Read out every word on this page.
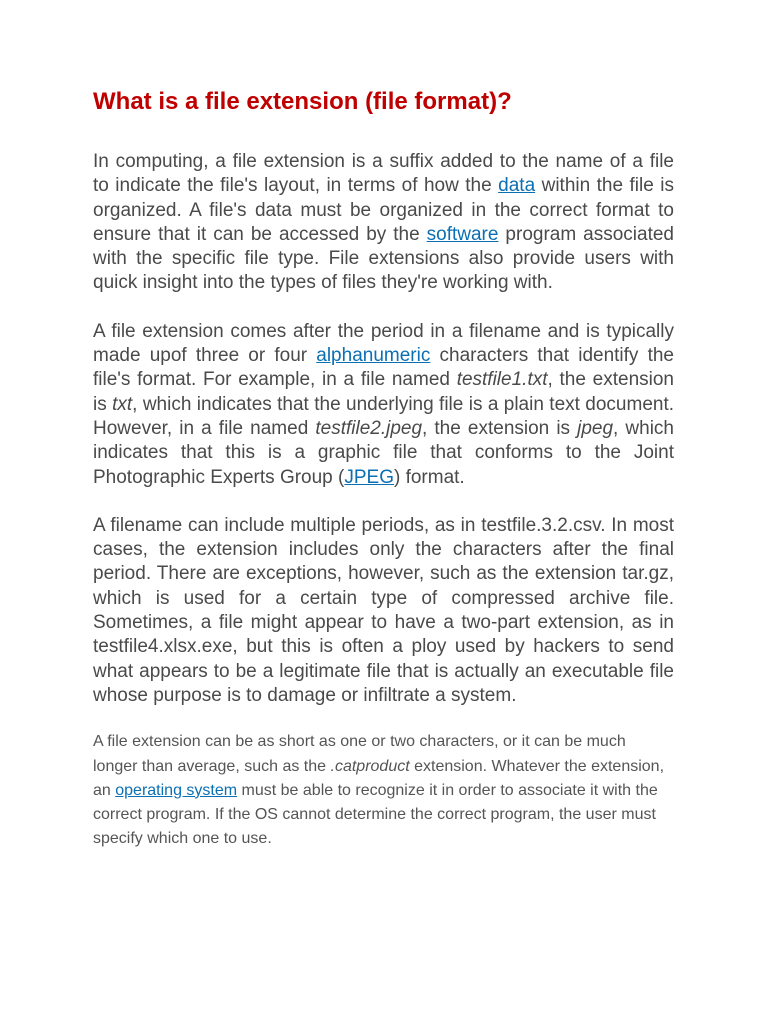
What is a file extension (file format)?

In computing, a file extension is a suffix added to the name of a file to indicate the file's layout, in terms of how the data within the file is organized. A file's data must be organized in the correct format to ensure that it can be accessed by the software program associated with the specific file type. File extensions also provide users with quick insight into the types of files they're working with.

A file extension comes after the period in a filename and is typically made upof three or four alphanumeric characters that identify the file's format. For example, in a file named testfile1.txt, the extension is txt, which indicates that the underlying file is a plain text document. However, in a file named testfile2.jpeg, the extension is jpeg, which indicates that this is a graphic file that conforms to the Joint Photographic Experts Group (JPEG) format.

A filename can include multiple periods, as in testfile.3.2.csv. In most cases, the extension includes only the characters after the final period. There are exceptions, however, such as the extension tar.gz, which is used for a certain type of compressed archive file. Sometimes, a file might appear to have a two-part extension, as in testfile4.xlsx.exe, but this is often a ploy used by hackers to send what appears to be a legitimate file that is actually an executable file whose purpose is to damage or infiltrate a system.

A file extension can be as short as one or two characters, or it can be much longer than average, such as the .catproduct extension. Whatever the extension, an operating system must be able to recognize it in order to associate it with the correct program. If the OS cannot determine the correct program, the user must specify which one to use.
